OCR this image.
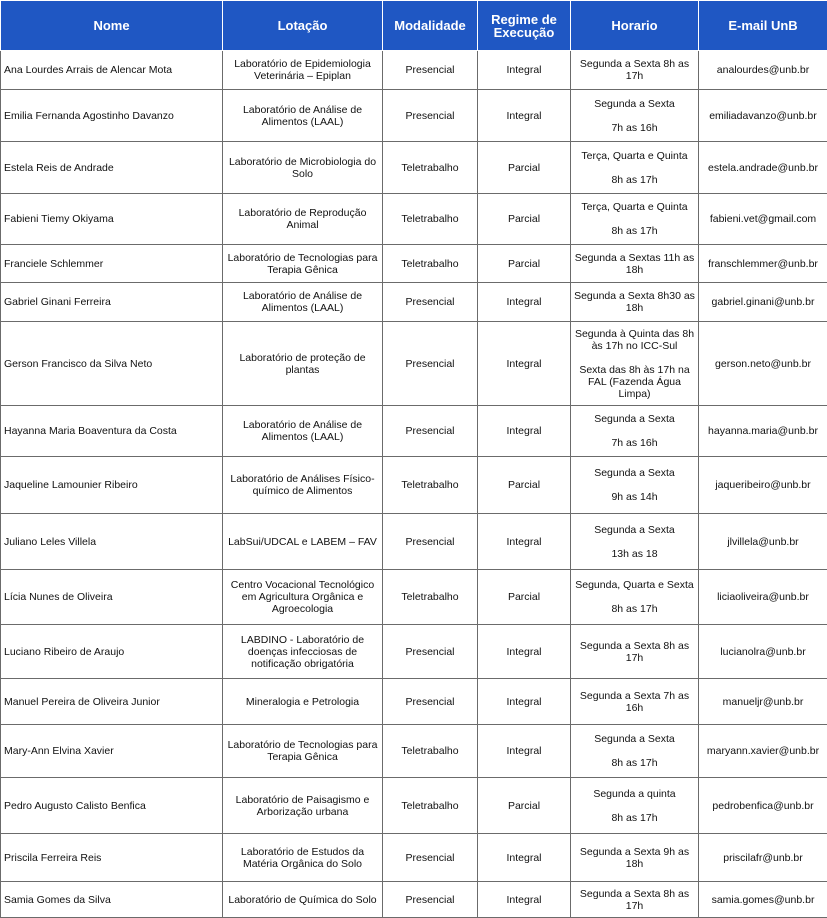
Nome	Lotação	Modalidade	Regime de Execução	Horario	E-mail UnB
Ana Lourdes Arrais de Alencar Mota	Laboratório de Epidemiologia Veterinária – Epiplan	Presencial	Integral	Segunda a Sexta 8h as 17h	analourdes@unb.br
Emilia Fernanda Agostinho Davanzo	Laboratório de Análise de Alimentos (LAAL)	Presencial	Integral	Segunda a Sexta
7h as 16h	emiliadavanzo@unb.br
Estela Reis de Andrade	Laboratório de Microbiologia do Solo	Teletrabalho	Parcial	Terça, Quarta e Quinta
8h as 17h	estela.andrade@unb.br
Fabieni Tiemy Okiyama	Laboratório de Reprodução Animal	Teletrabalho	Parcial	Terça, Quarta e Quinta
8h as 17h	fabieni.vet@gmail.com
Franciele Schlemmer	Laboratório de Tecnologias para Terapia Gênica	Teletrabalho	Parcial	Segunda a Sextas 11h as 18h	franschlemmer@unb.br
Gabriel Ginani Ferreira	Laboratório de Análise de Alimentos (LAAL)	Presencial	Integral	Segunda a Sexta 8h30 as 18h	gabriel.ginani@unb.br
Gerson Francisco da Silva Neto	Laboratório de proteção de plantas	Presencial	Integral	Segunda à Quinta das 8h às 17h no ICC-Sul
Sexta das 8h às 17h na FAL (Fazenda Água Limpa)	gerson.neto@unb.br
Hayanna Maria Boaventura da Costa	Laboratório de Análise de Alimentos (LAAL)	Presencial	Integral	Segunda a Sexta
7h as 16h	hayanna.maria@unb.br
Jaqueline Lamounier Ribeiro	Laboratório de Análises Físico-químico de Alimentos	Teletrabalho	Parcial	Segunda a Sexta
9h as 14h	jaqueribeiro@unb.br
Juliano Leles Villela	LabSui/UDCAL e LABEM – FAV	Presencial	Integral	Segunda a Sexta
13h as 18	jlvillela@unb.br
Lícia Nunes de Oliveira	Centro Vocacional Tecnológico em Agricultura Orgânica e Agroecologia	Teletrabalho	Parcial	Segunda, Quarta e Sexta
8h as 17h	liciaoliveira@unb.br
Luciano Ribeiro de Araujo	LABDINO - Laboratório de doenças infecciosas de notificação obrigatória	Presencial	Integral	Segunda a Sexta 8h as 17h	lucianolra@unb.br
Manuel Pereira de Oliveira Junior	Mineralogia e Petrologia	Presencial	Integral	Segunda a Sexta 7h as 16h	manueljr@unb.br
Mary-Ann Elvina Xavier	Laboratório de Tecnologias para Terapia Gênica	Teletrabalho	Integral	Segunda a Sexta
8h as 17h	maryann.xavier@unb.br
Pedro Augusto Calisto Benfica	Laboratório de Paisagismo e Arborização urbana	Teletrabalho	Parcial	Segunda a quinta
8h as 17h	pedrobenfica@unb.br
Priscila Ferreira Reis	Laboratório de Estudos da Matéria Orgânica do Solo	Presencial	Integral	Segunda a Sexta 9h as 18h	priscilafr@unb.br
Samia Gomes da Silva	Laboratório de Química do Solo	Presencial	Integral	Segunda a Sexta 8h as 17h	samia.gomes@unb.br
